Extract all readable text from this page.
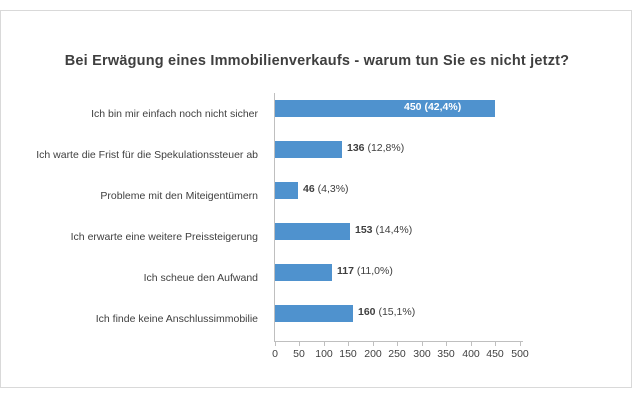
Bei Erwägung eines Immobilienverkaufs - warum tun Sie es nicht jetzt?
Ich bin mir einfach noch nicht sicher
Ich warte die Frist für die Spekulationssteuer ab
Probleme mit den Miteigentümern
Ich erwarte eine weitere Preissteigerung
Ich scheue den Aufwand
Ich finde keine Anschlussimmobilie
450 (42,4%)
136 (12,8%)
46 (4,3%)
153 (14,4%)
117 (11,0%)
160 (15,1%)
0 50 100 150 200 250 300 350 400 450 500
